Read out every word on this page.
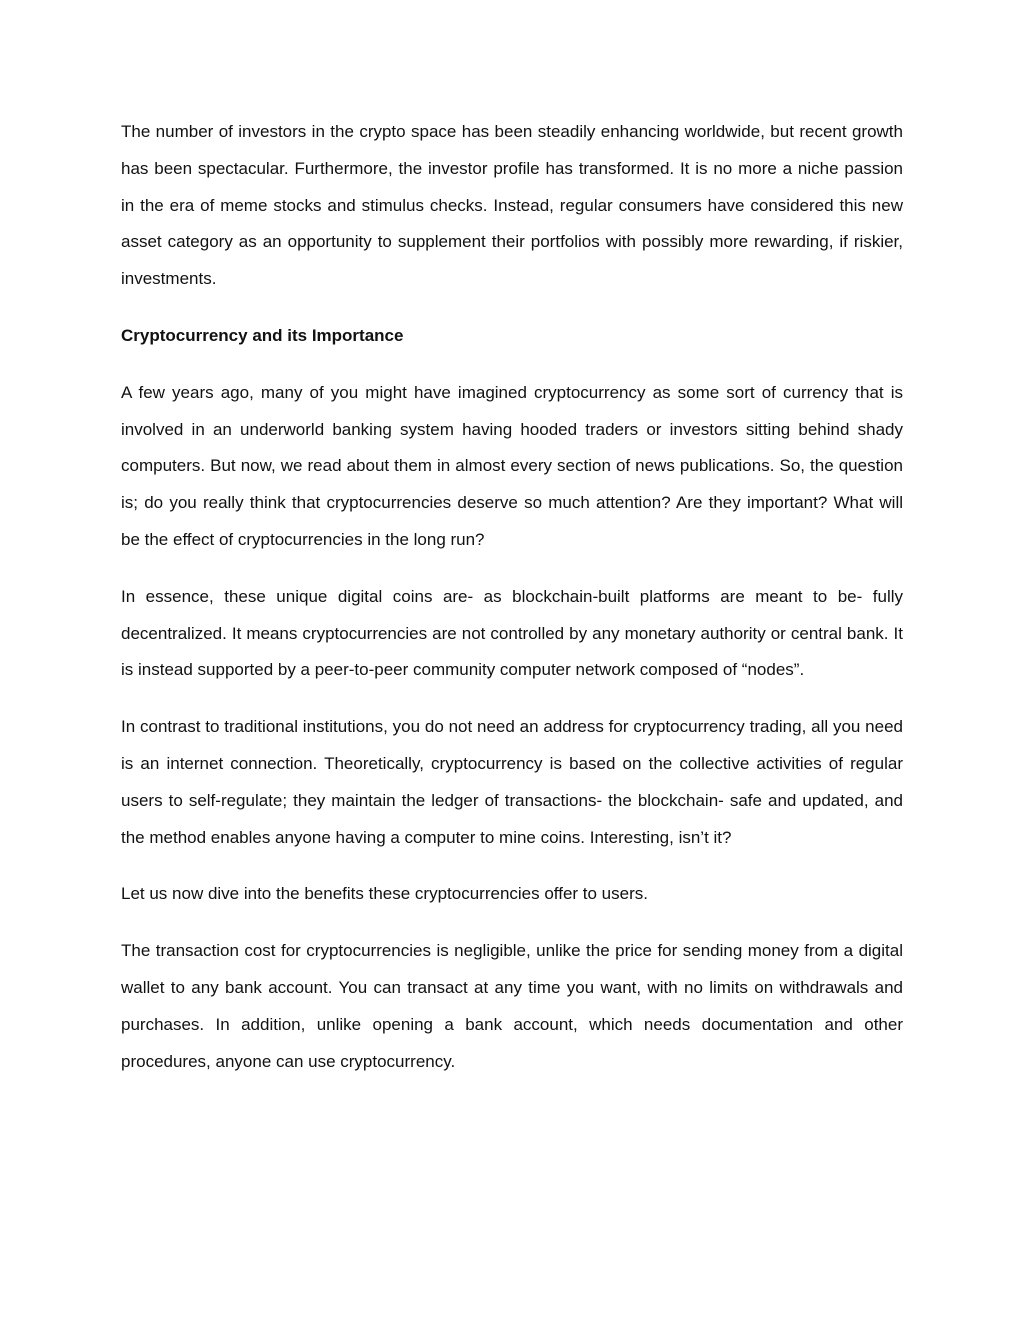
The number of investors in the crypto space has been steadily enhancing worldwide, but recent growth has been spectacular. Furthermore, the investor profile has transformed. It is no more a niche passion in the era of meme stocks and stimulus checks. Instead, regular consumers have considered this new asset category as an opportunity to supplement their portfolios with possibly more rewarding, if riskier, investments.

Cryptocurrency and its Importance

A few years ago, many of you might have imagined cryptocurrency as some sort of currency that is involved in an underworld banking system having hooded traders or investors sitting behind shady computers. But now, we read about them in almost every section of news publications. So, the question is; do you really think that cryptocurrencies deserve so much attention? Are they important? What will be the effect of cryptocurrencies in the long run?

In essence, these unique digital coins are- as blockchain-built platforms are meant to be- fully decentralized. It means cryptocurrencies are not controlled by any monetary authority or central bank. It is instead supported by a peer-to-peer community computer network composed of “nodes”.

In contrast to traditional institutions, you do not need an address for cryptocurrency trading, all you need is an internet connection. Theoretically, cryptocurrency is based on the collective activities of regular users to self-regulate; they maintain the ledger of transactions- the blockchain- safe and updated, and the method enables anyone having a computer to mine coins. Interesting, isn’t it?

Let us now dive into the benefits these cryptocurrencies offer to users.

The transaction cost for cryptocurrencies is negligible, unlike the price for sending money from a digital wallet to any bank account. You can transact at any time you want, with no limits on withdrawals and purchases. In addition, unlike opening a bank account, which needs documentation and other procedures, anyone can use cryptocurrency.
